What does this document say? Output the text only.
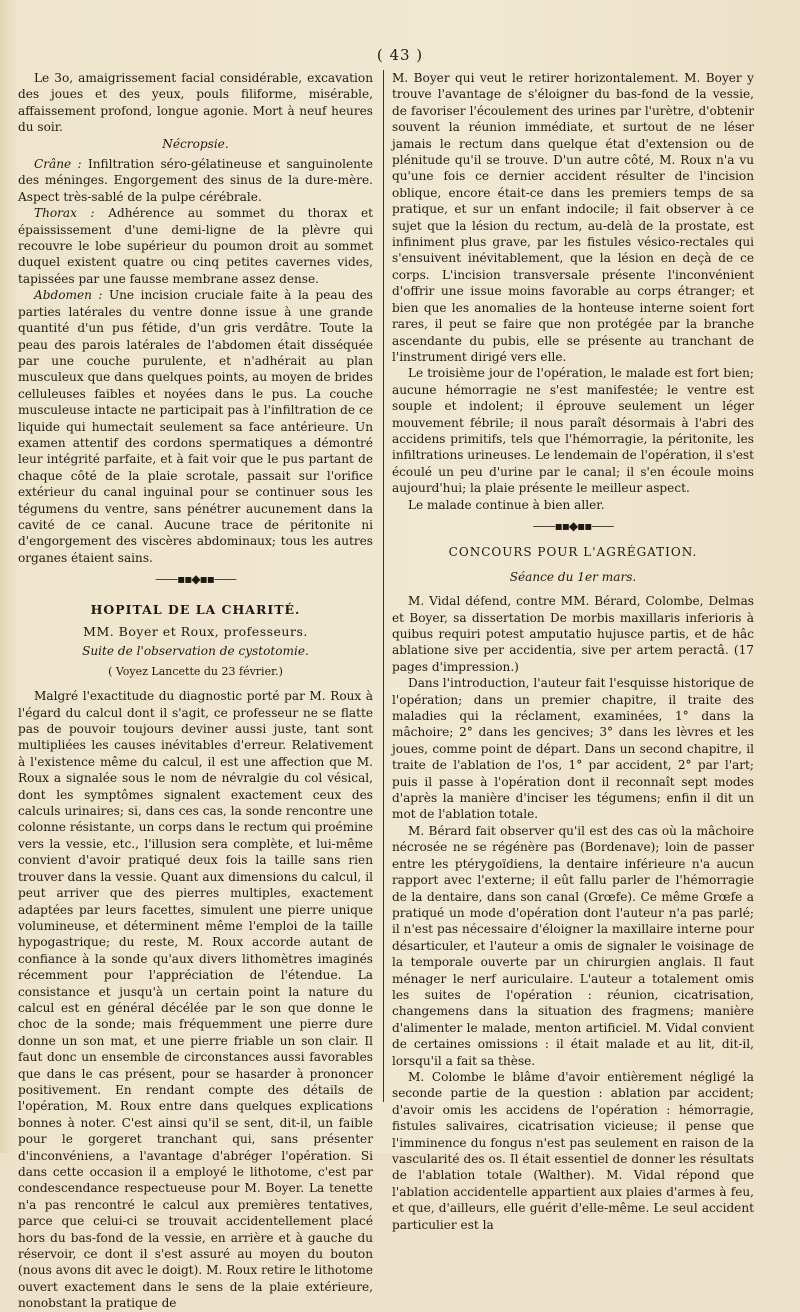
( 43 )

Le 3o, amaigrissement facial considérable, excavation des joues et des yeux, pouls filiforme, misérable, affaissement profond, longue agonie. Mort à neuf heures du soir.

Nécropsie.

Crâne : Infiltration séro-gélatineuse et sanguinolente des méninges. Engorgement des sinus de la dure-mère. Aspect très-sablé de la pulpe cérébrale.

Thorax : Adhérence au sommet du thorax et épaississement d'une demi-ligne de la plèvre qui recouvre le lobe supérieur du poumon droit au sommet duquel existent quatre ou cinq petites cavernes vides, tapissées par une fausse membrane assez dense.

Abdomen : Une incision cruciale faite à la peau des parties latérales du ventre donne issue à une grande quantité d'un pus fétide, d'un gris verdâtre. Toute la peau des parois latérales de l'abdomen était disséquée par une couche purulente, et n'adhérait au plan musculeux que dans quelques points, au moyen de brides celluleuses faibles et noyées dans le pus. La couche musculeuse intacte ne participait pas à l'infiltration de ce liquide qui humectait seulement sa face antérieure. Un examen attentif des cordons spermatiques a démontré leur intégrité parfaite, et à fait voir que le pus partant de chaque côté de la plaie scrotale, passait sur l'orifice extérieur du canal inguinal pour se continuer sous les tégumens du ventre, sans pénétrer aucunement dans la cavité de ce canal. Aucune trace de péritonite ni d'engorgement des viscères abdominaux; tous les autres organes étaient sains.

——▪▪◆▪▪——

HOPITAL DE LA CHARITÉ.

MM. Boyer et Roux, professeurs.

Suite de l'observation de cystotomie.

( Voyez Lancette du 23 février.)

Malgré l'exactitude du diagnostic porté par M. Roux à l'égard du calcul dont il s'agit, ce professeur ne se flatte pas de pouvoir toujours deviner aussi juste, tant sont multipliées les causes inévitables d'erreur. Relativement à l'existence même du calcul, il est une affection que M. Roux a signalée sous le nom de névralgie du col vésical, dont les symptômes signalent exactement ceux des calculs urinaires; si, dans ces cas, la sonde rencontre une colonne résistante, un corps dans le rectum qui proémine vers la vessie, etc., l'illusion sera complète, et lui-même convient d'avoir pratiqué deux fois la taille sans rien trouver dans la vessie. Quant aux dimensions du calcul, il peut arriver que des pierres multiples, exactement adaptées par leurs facettes, simulent une pierre unique volumineuse, et déterminent même l'emploi de la taille hypogastrique; du reste, M. Roux accorde autant de confiance à la sonde qu'aux divers lithomètres imaginés récemment pour l'appréciation de l'étendue. La consistance et jusqu'à un certain point la nature du calcul est en général décélée par le son que donne le choc de la sonde; mais fréquemment une pierre dure donne un son mat, et une pierre friable un son clair. Il faut donc un ensemble de circonstances aussi favorables que dans le cas présent, pour se hasarder à prononcer positivement. En rendant compte des détails de l'opération, M. Roux entre dans quelques explications bonnes à noter. C'est ainsi qu'il se sent, dit-il, un faible pour le gorgeret tranchant qui, sans présenter d'inconvéniens, a l'avantage d'abréger l'opération. Si dans cette occasion il a employé le lithotome, c'est par condescendance respectueuse pour M. Boyer. La tenette n'a pas rencontré le calcul aux premières tentatives, parce que celui-ci se trouvait accidentellement placé hors du bas-fond de la vessie, en arrière et à gauche du réservoir, ce dont il s'est assuré au moyen du bouton (nous avons dit avec le doigt). M. Roux retire le lithotome ouvert exactement dans le sens de la plaie extérieure, nonobstant la pratique de

M. Boyer qui veut le retirer horizontalement. M. Boyer y trouve l'avantage de s'éloigner du bas-fond de la vessie, de favoriser l'écoulement des urines par l'urètre, d'obtenir souvent la réunion immédiate, et surtout de ne léser jamais le rectum dans quelque état d'extension ou de plénitude qu'il se trouve. D'un autre côté, M. Roux n'a vu qu'une fois ce dernier accident résulter de l'incision oblique, encore était-ce dans les premiers temps de sa pratique, et sur un enfant indocile; il fait observer à ce sujet que la lésion du rectum, au-delà de la prostate, est infiniment plus grave, par les fistules vésico-rectales qui s'ensuivent inévitablement, que la lésion en deçà de ce corps. L'incision transversale présente l'inconvénient d'offrir une issue moins favorable au corps étranger; et bien que les anomalies de la honteuse interne soient fort rares, il peut se faire que non protégée par la branche ascendante du pubis, elle se présente au tranchant de l'instrument dirigé vers elle.

Le troisième jour de l'opération, le malade est fort bien; aucune hémorragie ne s'est manifestée; le ventre est souple et indolent; il éprouve seulement un léger mouvement fébrile; il nous paraît désormais à l'abri des accidens primitifs, tels que l'hémorragie, la péritonite, les infiltrations urineuses. Le lendemain de l'opération, il s'est écoulé un peu d'urine par le canal; il s'en écoule moins aujourd'hui; la plaie présente le meilleur aspect.

Le malade continue à bien aller.

——▪▪◆▪▪——

CONCOURS POUR L'AGRÉGATION.

Séance du 1er mars.

M. Vidal défend, contre MM. Bérard, Colombe, Delmas et Boyer, sa dissertation De morbis maxillaris inferioris à quibus requiri potest amputatio hujusce partis, et de hâc ablatione sive per accidentia, sive per artem peractâ. (17 pages d'impression.)

Dans l'introduction, l'auteur fait l'esquisse historique de l'opération; dans un premier chapitre, il traite des maladies qui la réclament, examinées, 1° dans la mâchoire; 2° dans les gencives; 3° dans les lèvres et les joues, comme point de départ. Dans un second chapitre, il traite de l'ablation de l'os, 1° par accident, 2° par l'art; puis il passe à l'opération dont il reconnaît sept modes d'après la manière d'inciser les tégumens; enfin il dit un mot de l'ablation totale.

M. Bérard fait observer qu'il est des cas où la mâchoire nécrosée ne se régénère pas (Bordenave); loin de passer entre les ptérygoïdiens, la dentaire inférieure n'a aucun rapport avec l'externe; il eût fallu parler de l'hémorragie de la dentaire, dans son canal (Grœfe). Ce même Grœfe a pratiqué un mode d'opération dont l'auteur n'a pas parlé; il n'est pas nécessaire d'éloigner la maxillaire interne pour désarticuler, et l'auteur a omis de signaler le voisinage de la temporale ouverte par un chirurgien anglais. Il faut ménager le nerf auriculaire. L'auteur a totalement omis les suites de l'opération : réunion, cicatrisation, changemens dans la situation des fragmens; manière d'alimenter le malade, menton artificiel. M. Vidal convient de certaines omissions : il était malade et au lit, dit-il, lorsqu'il a fait sa thèse.

M. Colombe le blâme d'avoir entièrement négligé la seconde partie de la question : ablation par accident; d'avoir omis les accidens de l'opération : hémorragie, fistules salivaires, cicatrisation vicieuse; il pense que l'imminence du fongus n'est pas seulement en raison de la vascularité des os. Il était essentiel de donner les résultats de l'ablation totale (Walther). M. Vidal répond que l'ablation accidentelle appartient aux plaies d'armes à feu, et que, d'ailleurs, elle guérit d'elle-même. Le seul accident particulier est la
